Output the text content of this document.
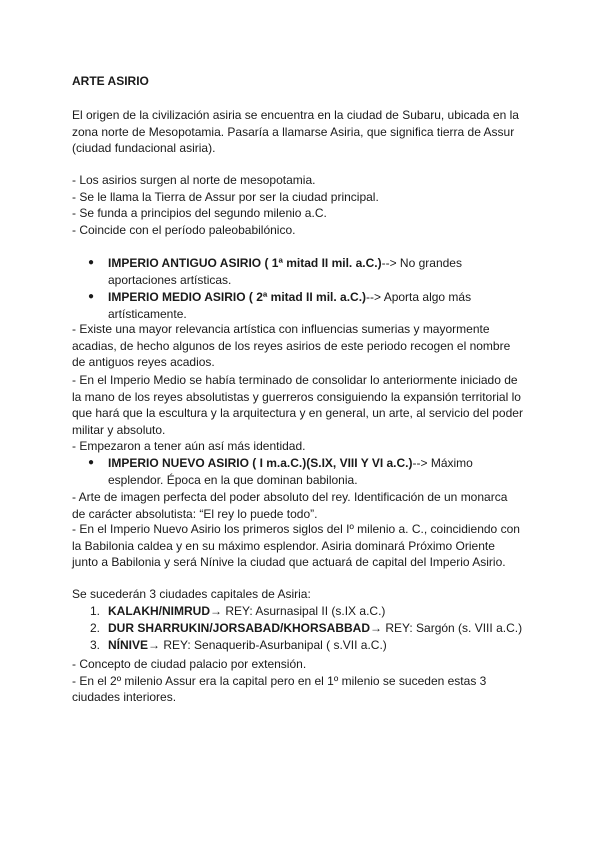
ARTE ASIRIO

El origen de la civilización asiria se encuentra en la ciudad de Subaru, ubicada en la
zona norte de Mesopotamia. Pasaría a llamarse Asiria, que significa tierra de Assur
(ciudad fundacional asiria).

- Los asirios surgen al norte de mesopotamia.
- Se le llama la Tierra de Assur por ser la ciudad principal.
- Se funda a principios del segundo milenio a.C.
- Coincide con el período paleobabilónico.

● IMPERIO ANTIGUO ASIRIO ( 1ª mitad II mil. a.C.)--> No grandes
aportaciones artísticas.
● IMPERIO MEDIO ASIRIO ( 2ª mitad II mil. a.C.)--> Aporta algo más
artísticamente.

- Existe una mayor relevancia artística con influencias sumerias y mayormente
acadias, de hecho algunos de los reyes asirios de este periodo recogen el nombre
de antiguos reyes acadios.

- En el Imperio Medio se había terminado de consolidar lo anteriormente iniciado de
la mano de los reyes absolutistas y guerreros consiguiendo la expansión territorial lo
que hará que la escultura y la arquitectura y en general, un arte, al servicio del poder
militar y absoluto.

- Empezaron a tener aún así más identidad.

● IMPERIO NUEVO ASIRIO ( I m.a.C.)(S.IX, VIII Y VI a.C.)--> Máximo
esplendor. Época en la que dominan babilonia.

- Arte de imagen perfecta del poder absoluto del rey. Identificación de un monarca
de carácter absolutista: “El rey lo puede todo”.

- En el Imperio Nuevo Asirio los primeros siglos del Iº milenio a. C., coincidiendo con
la Babilonia caldea y en su máximo esplendor. Asiria dominará Próximo Oriente
junto a Babilonia y será Nínive la ciudad que actuará de capital del Imperio Asirio.

Se sucederán 3 ciudades capitales de Asiria:

1. KALAKH/NIMRUD→ REY: Asurnasipal II (s.IX a.C.)
2. DUR SHARRUKIN/JORSABAD/KHORSABBAD→ REY: Sargón (s. VIII a.C.)
3. NÍNIVE→ REY: Senaquerib-Asurbanipal ( s.VII a.C.)

- Concepto de ciudad palacio por extensión.
- En el 2º milenio Assur era la capital pero en el 1º milenio se suceden estas 3
ciudades interiores.
